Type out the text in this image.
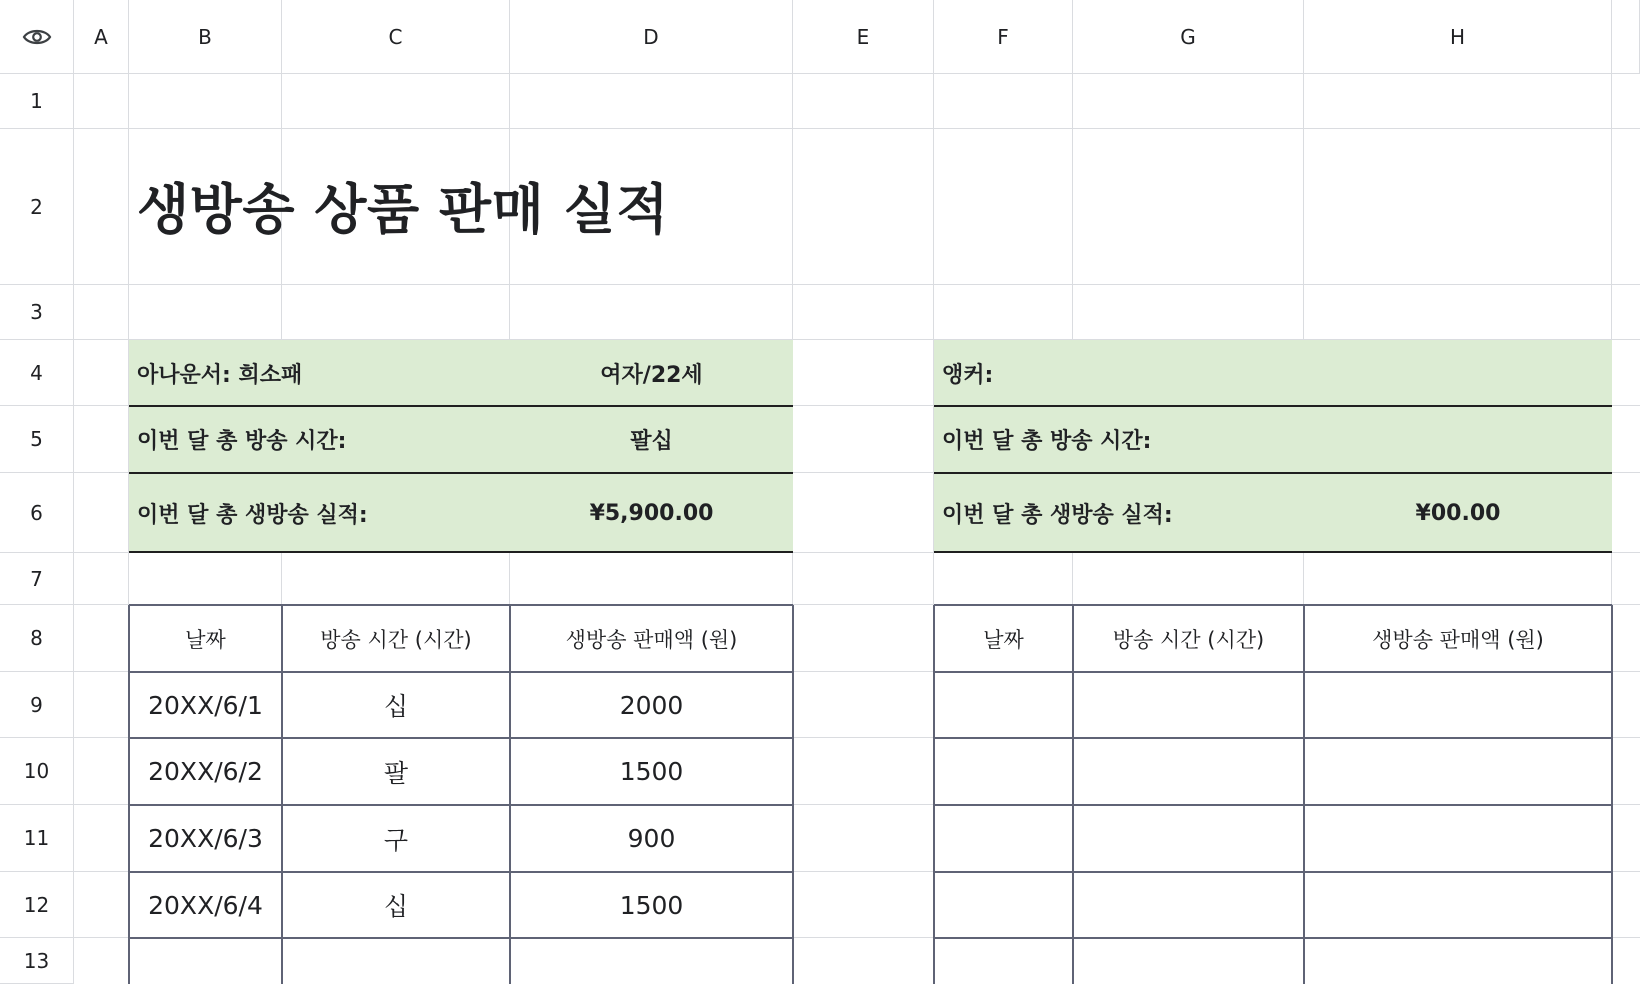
A	B	C	D	E	F	G	H
1
2
3
4
5
6
7
8
9
10
11
12
13
생방송 상품 판매 실적
아나운서: 희소패	여자/22세
이번 달 총 방송 시간:	팔십
이번 달 총 생방송 실적:	¥5,900.00
앵커:
이번 달 총 방송 시간:
이번 달 총 생방송 실적:	¥00.00
날짜	방송 시간 (시간)	생방송 판매액 (원)
20XX/6/1	십	2000
20XX/6/2	팔	1500
20XX/6/3	구	900
20XX/6/4	십	1500
날짜	방송 시간 (시간)	생방송 판매액 (원)
